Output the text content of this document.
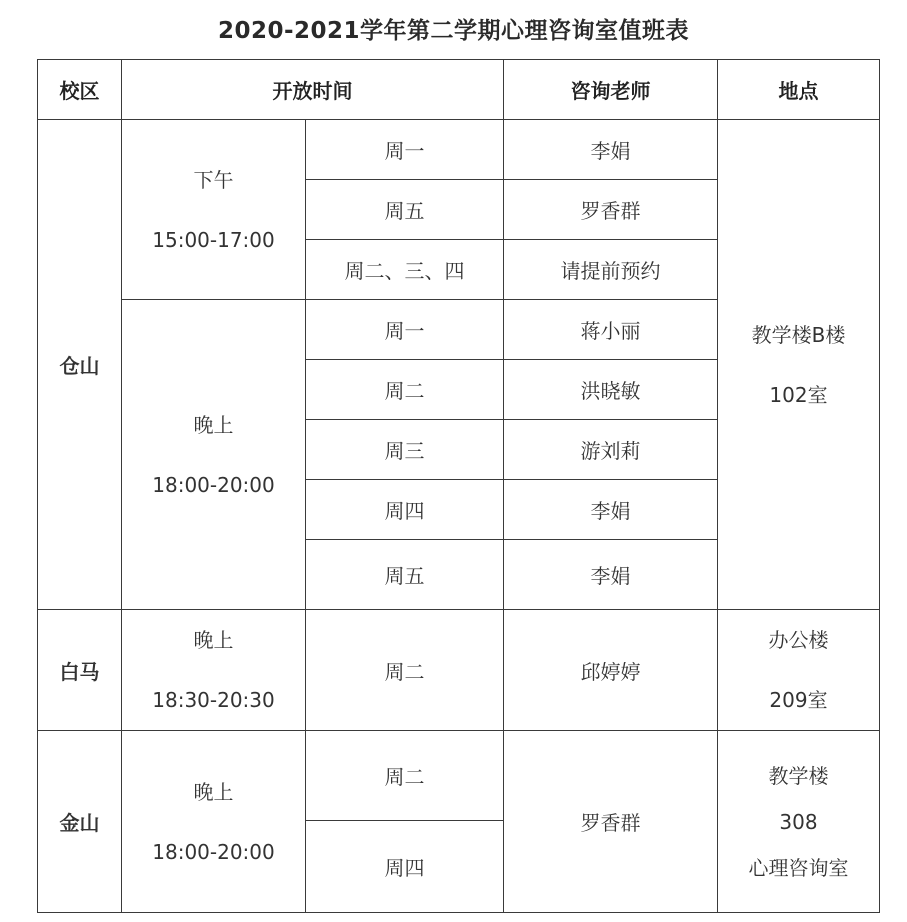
2020-2021学年第二学期心理咨询室值班表
校区	开放时间		咨询老师	地点
仓山	下午
15:00-17:00	周一	李娟	教学楼B楼
102室

		周五	罗香群	
		周二、三、四	请提前预约	

	晚上
18:00-20:00	周一	蒋小丽	
		周二	洪晓敏	
		周三	游刘莉	
		周四	李娟	
		周五	李娟	
白马	晚上
18:30-20:30	周二	邱婷婷	办公楼
209室

金山	晚上
18:00-20:00	周二	罗香群	教学楼
308
心理咨询室

		周四		
